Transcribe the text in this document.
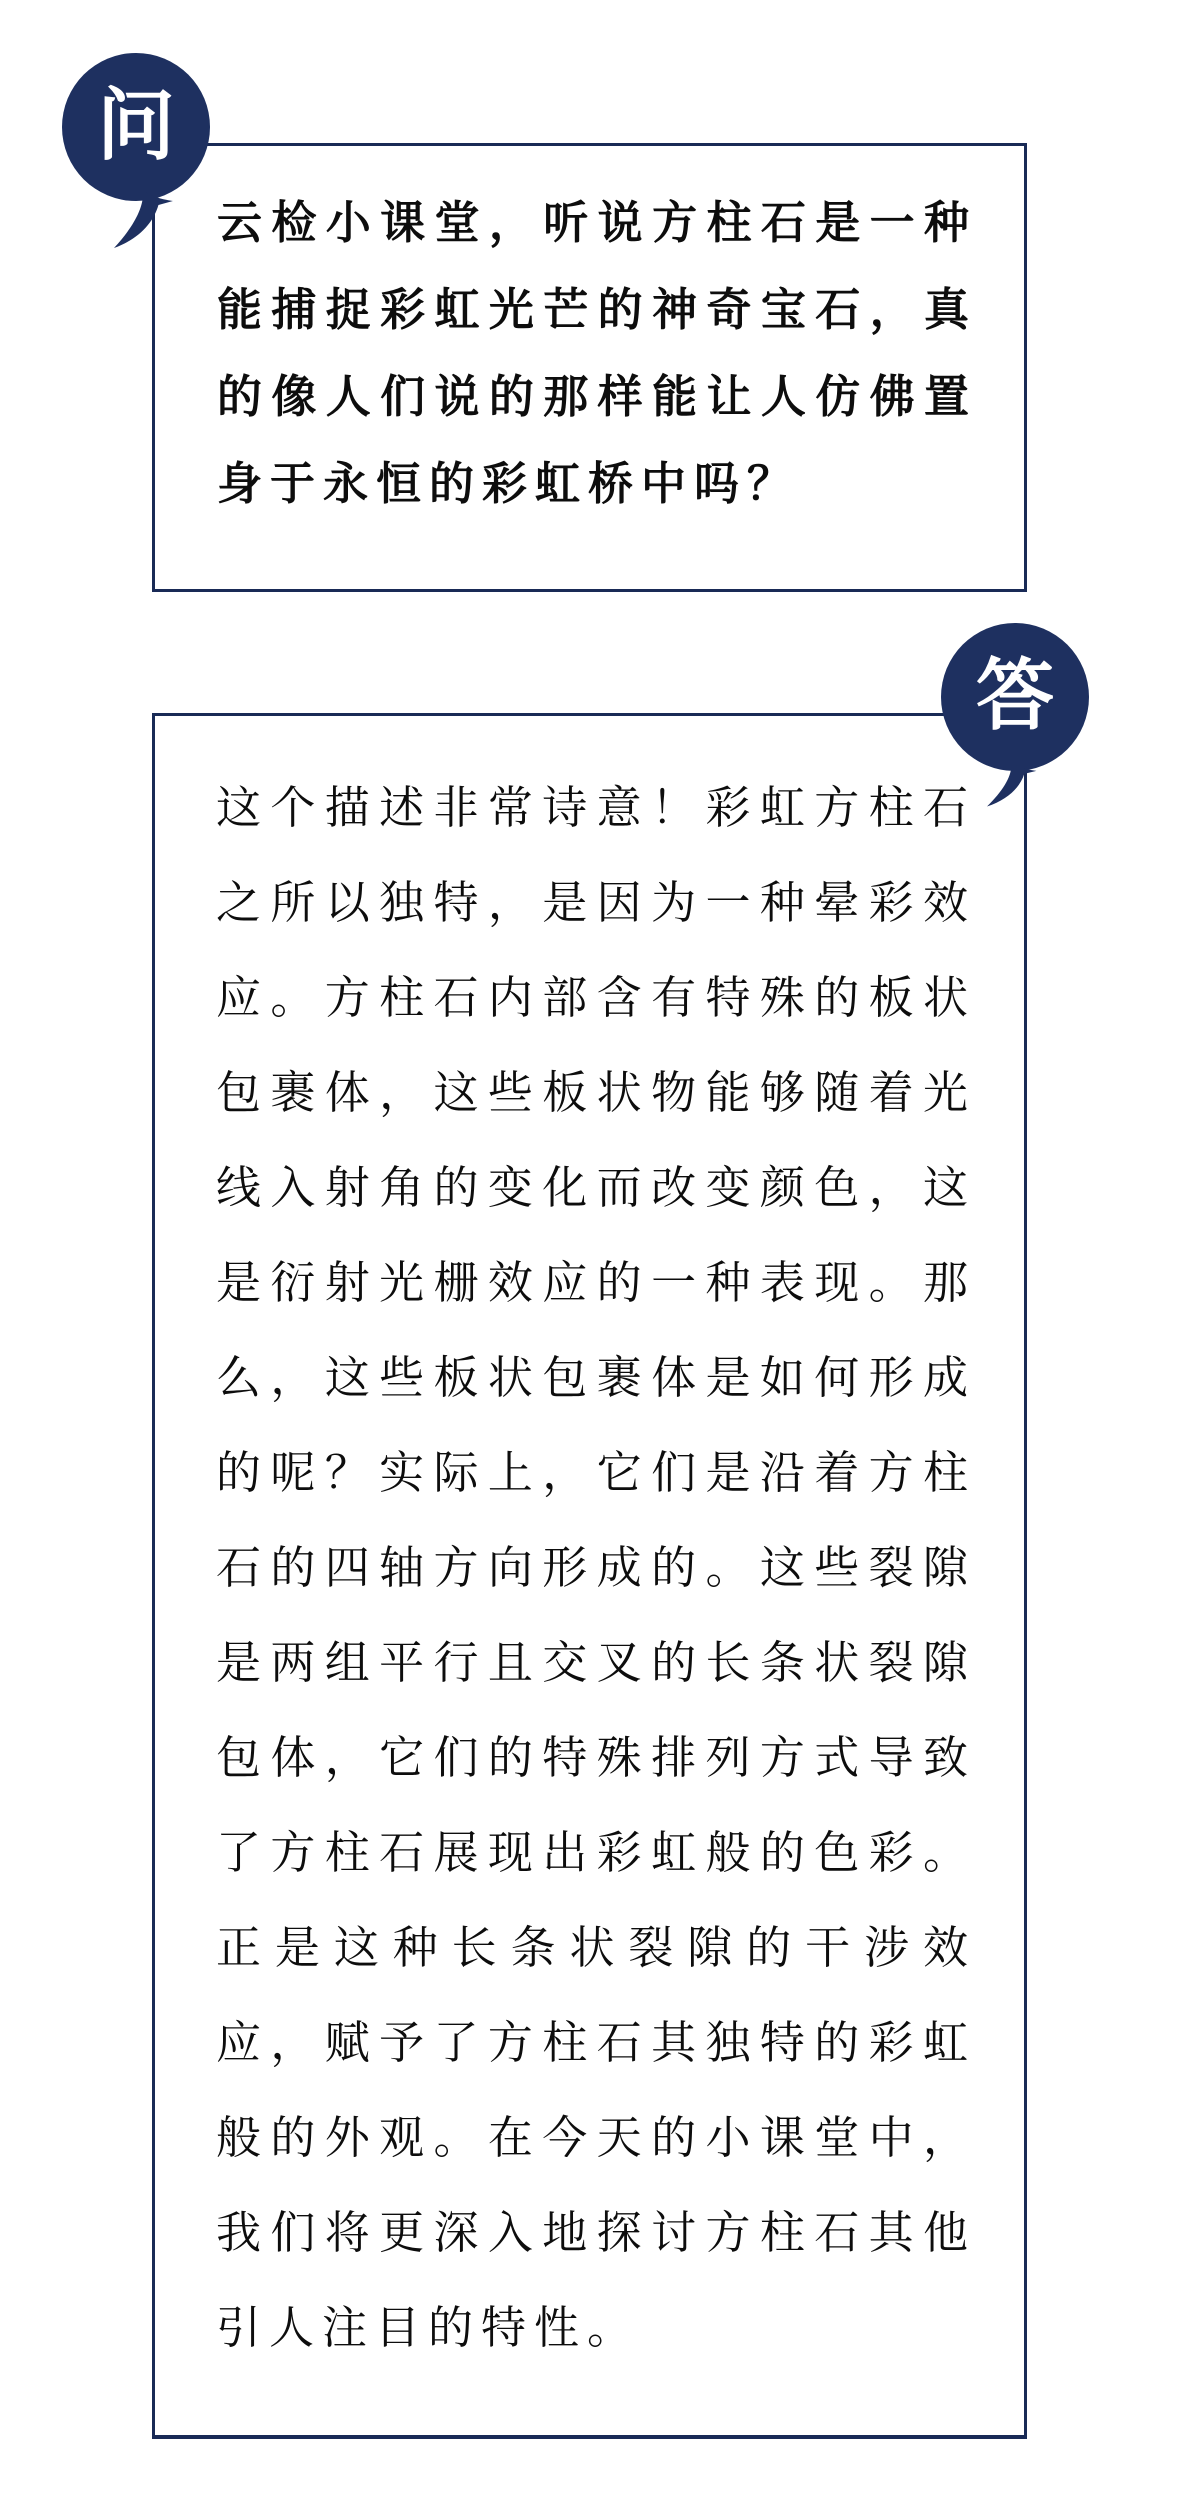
云检小课堂，听说方柱石是一种能捕捉彩虹光芒的神奇宝石，真的像人们说的那样能让人仿佛置身于永恒的彩虹桥中吗？

问

这个描述非常诗意！彩虹方柱石之所以独特，是因为一种晕彩效应。方柱石内部含有特殊的板状包裹体，这些板状物能够随着光线入射角的变化而改变颜色，这是衍射光栅效应的一种表现。那么，这些板状包裹体是如何形成的呢？实际上，它们是沿着方柱石的四轴方向形成的。这些裂隙是两组平行且交叉的长条状裂隙包体，它们的特殊排列方式导致了方柱石展现出彩虹般的色彩。正是这种长条状裂隙的干涉效应，赋予了方柱石其独特的彩虹般的外观。在今天的小课堂中，我们将更深入地探讨方柱石其他引人注目的特性。

答
